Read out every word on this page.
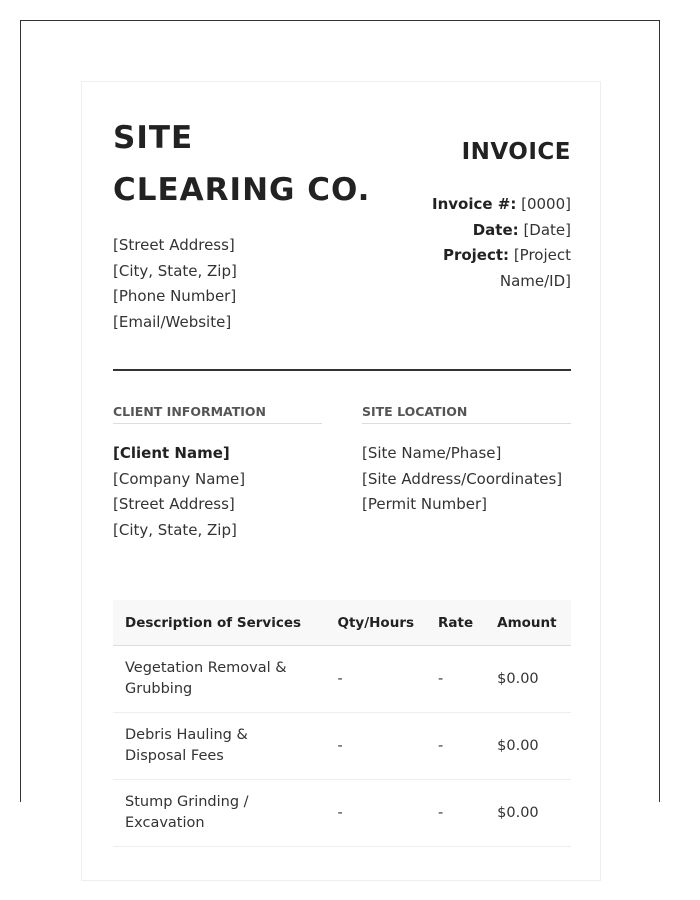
SITE CLEARING CO.
[Street Address]
[City, State, Zip]
[Phone Number]
[Email/Website]
INVOICE
Invoice #: [0000]
Date: [Date]
Project: [Project Name/ID]
CLIENT INFORMATION
[Client Name]
[Company Name]
[Street Address]
[City, State, Zip]
SITE LOCATION
[Site Name/Phase]
[Site Address/Coordinates]
[Permit Number]
Description of Services	Qty/Hours	Rate	Amount
Vegetation Removal & Grubbing	-	-	$0.00
Debris Hauling & Disposal Fees	-	-	$0.00
Stump Grinding / Excavation	-	-	$0.00
